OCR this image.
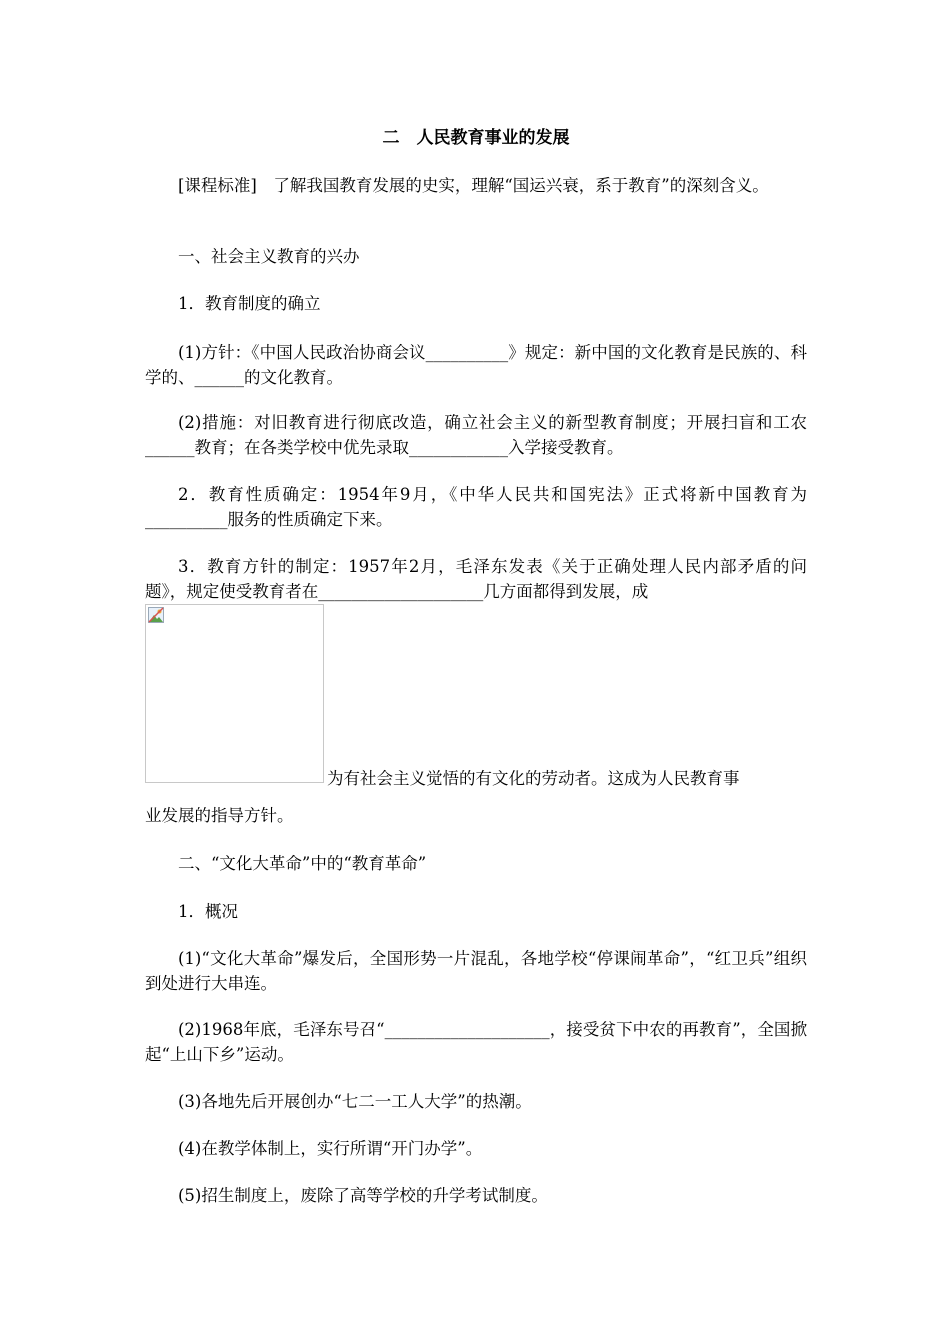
二　人民教育事业的发展

[课程标准]　了解我国教育发展的史实，理解“国运兴衰，系于教育”的深刻含义。

一、社会主义教育的兴办

1．教育制度的确立

(1)方针：《中国人民政治协商会议__________》规定：新中国的文化教育是民族的、科学的、______的文化教育。

(2)措施：对旧教育进行彻底改造，确立社会主义的新型教育制度；开展扫盲和工农______教育；在各类学校中优先录取____________入学接受教育。

2．教育性质确定：1954年9月，《中华人民共和国宪法》正式将新中国教育为__________服务的性质确定下来。

3．教育方针的制定：1957年2月，毛泽东发表《关于正确处理人民内部矛盾的问题》，规定使受教育者在____________________几方面都得到发展，成

为有社会主义觉悟的有文化的劳动者。这成为人民教育事

业发展的指导方针。

二、“文化大革命”中的“教育革命”

1．概况

(1)“文化大革命”爆发后，全国形势一片混乱，各地学校“停课闹革命”，“红卫兵”组织到处进行大串连。

(2)1968年底，毛泽东号召“____________________，接受贫下中农的再教育”，全国掀起“上山下乡”运动。

(3)各地先后开展创办“七二一工人大学”的热潮。

(4)在教学体制上，实行所谓“开门办学”。

(5)招生制度上，废除了高等学校的升学考试制度。
